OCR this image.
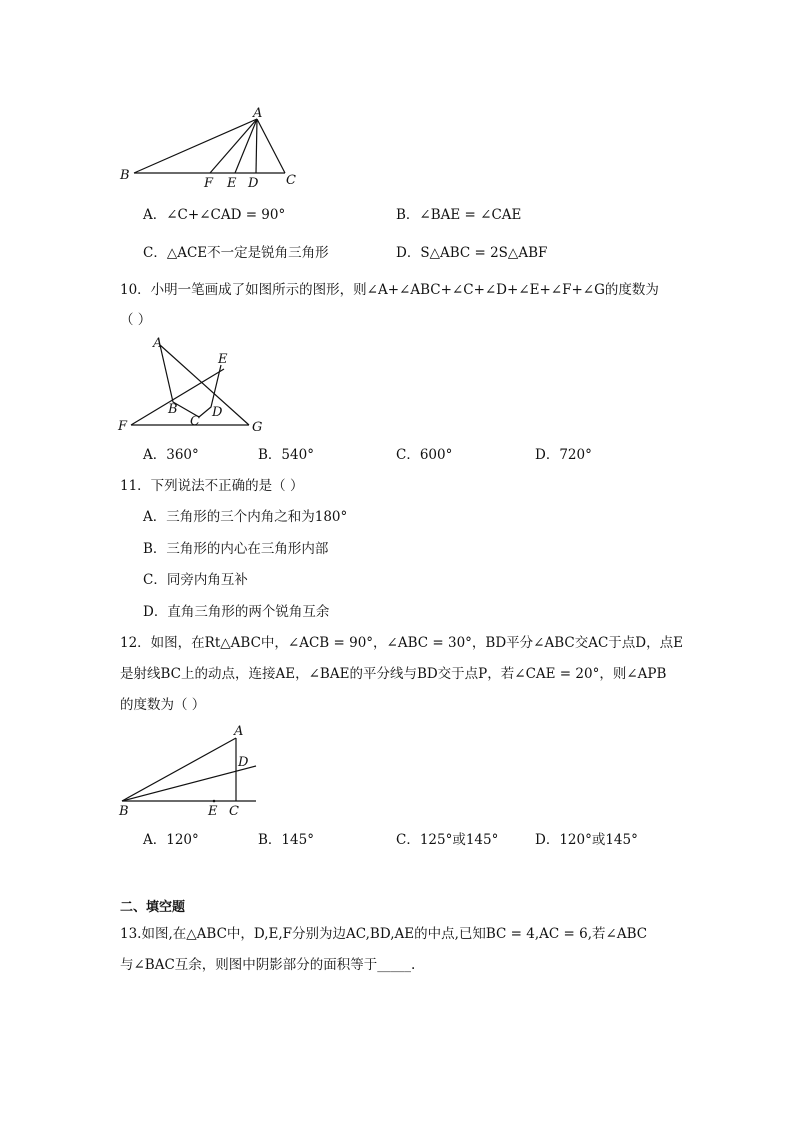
A
B	C
D
E
F
A．∠C+∠CAD = 90°	B．∠BAE = ∠CAE
C．△ACE不一定是锐角三角形	D．S△ABC = 2S△ABF
10．小明一笔画成了如图所示的图形，则∠A+∠ABC+∠C+∠D+∠E+∠F+∠G的度数为
（ ）
A
B
C
D
E
F	G
A．360°	B．540°	C．600°	D．720°
11．下列说法不正确的是（ ）
A．三角形的三个内角之和为180°
B．三角形的内心在三角形内部
C．同旁内角互补
D．直角三角形的两个锐角互余
12．如图，在Rt△ABC中，∠ACB = 90°，∠ABC = 30°，BD平分∠ABC交AC于点D，点E
是射线BC上的动点，连接AE，∠BAE的平分线与BD交于点P，若∠CAE = 20°，则∠APB
的度数为（ ）
A
B	C
D
E
A．120°	B．145°	C．125°或145°	D．120°或145°
二、填空题
13.如图,在△ABC中，D,E,F分别为边AC,BD,AE的中点,已知BC = 4,AC = 6,若∠ABC
与∠BAC互余，则图中阴影部分的面积等于_____.
